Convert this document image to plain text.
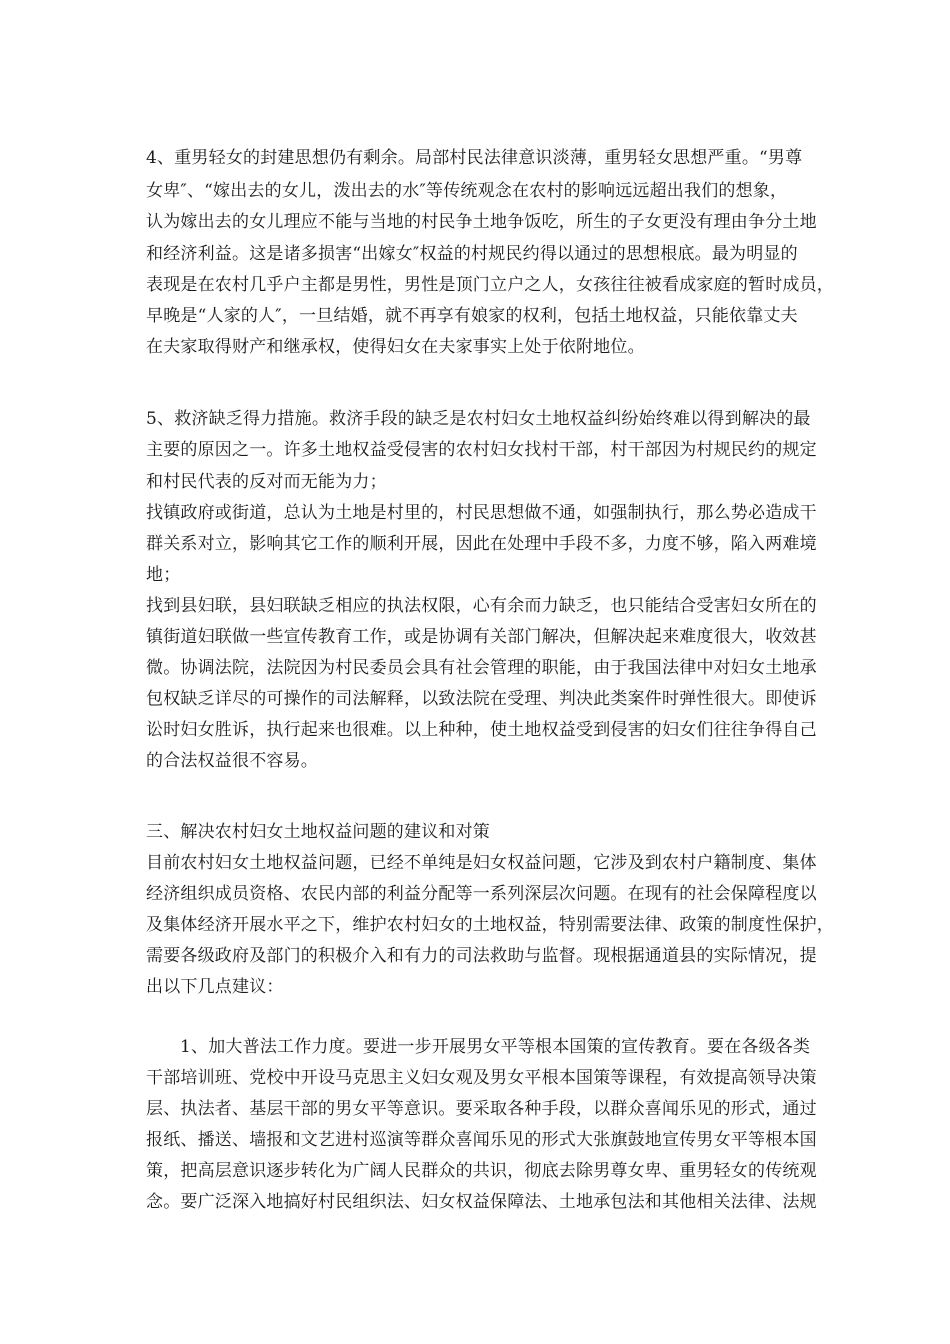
4、重男轻女的封建思想仍有剩余。局部村民法律意识淡薄，重男轻女思想严重。“男尊
女卑″、“嫁出去的女儿，泼出去的水″等传统观念在农村的影响远远超出我们的想象，
认为嫁出去的女儿理应不能与当地的村民争土地争饭吃，所生的子女更没有理由争分土地
和经济利益。这是诸多损害“出嫁女″权益的村规民约得以通过的思想根底。最为明显的
表现是在农村几乎户主都是男性，男性是顶门立户之人，女孩往往被看成家庭的暂时成员，
早晚是“人家的人″，一旦结婚，就不再享有娘家的权利，包括土地权益，只能依靠丈夫
在夫家取得财产和继承权，使得妇女在夫家事实上处于依附地位。
5、救济缺乏得力措施。救济手段的缺乏是农村妇女土地权益纠纷始终难以得到解决的最
主要的原因之一。许多土地权益受侵害的农村妇女找村干部，村干部因为村规民约的规定
和村民代表的反对而无能为力；
找镇政府或街道，总认为土地是村里的，村民思想做不通，如强制执行，那么势必造成干
群关系对立，影响其它工作的顺利开展，因此在处理中手段不多，力度不够，陷入两难境
地；
找到县妇联，县妇联缺乏相应的执法权限，心有余而力缺乏，也只能结合受害妇女所在的
镇街道妇联做一些宣传教育工作，或是协调有关部门解决，但解决起来难度很大，收效甚
微。协调法院，法院因为村民委员会具有社会管理的职能，由于我国法律中对妇女土地承
包权缺乏详尽的可操作的司法解释，以致法院在受理、判决此类案件时弹性很大。即使诉
讼时妇女胜诉，执行起来也很难。以上种种，使土地权益受到侵害的妇女们往往争得自己
的合法权益很不容易。
三、解决农村妇女土地权益问题的建议和对策
目前农村妇女土地权益问题，已经不单纯是妇女权益问题，它涉及到农村户籍制度、集体
经济组织成员资格、农民内部的利益分配等一系列深层次问题。在现有的社会保障程度以
及集体经济开展水平之下，维护农村妇女的土地权益，特别需要法律、政策的制度性保护，
需要各级政府及部门的积极介入和有力的司法救助与监督。现根据通道县的实际情况，提
出以下几点建议：
1、加大普法工作力度。要进一步开展男女平等根本国策的宣传教育。要在各级各类
干部培训班、党校中开设马克思主义妇女观及男女平根本国策等课程，有效提高领导决策
层、执法者、基层干部的男女平等意识。要采取各种手段，以群众喜闻乐见的形式，通过
报纸、播送、墙报和文艺进村巡演等群众喜闻乐见的形式大张旗鼓地宣传男女平等根本国
策，把高层意识逐步转化为广阔人民群众的共识，彻底去除男尊女卑、重男轻女的传统观
念。要广泛深入地搞好村民组织法、妇女权益保障法、土地承包法和其他相关法律、法规
